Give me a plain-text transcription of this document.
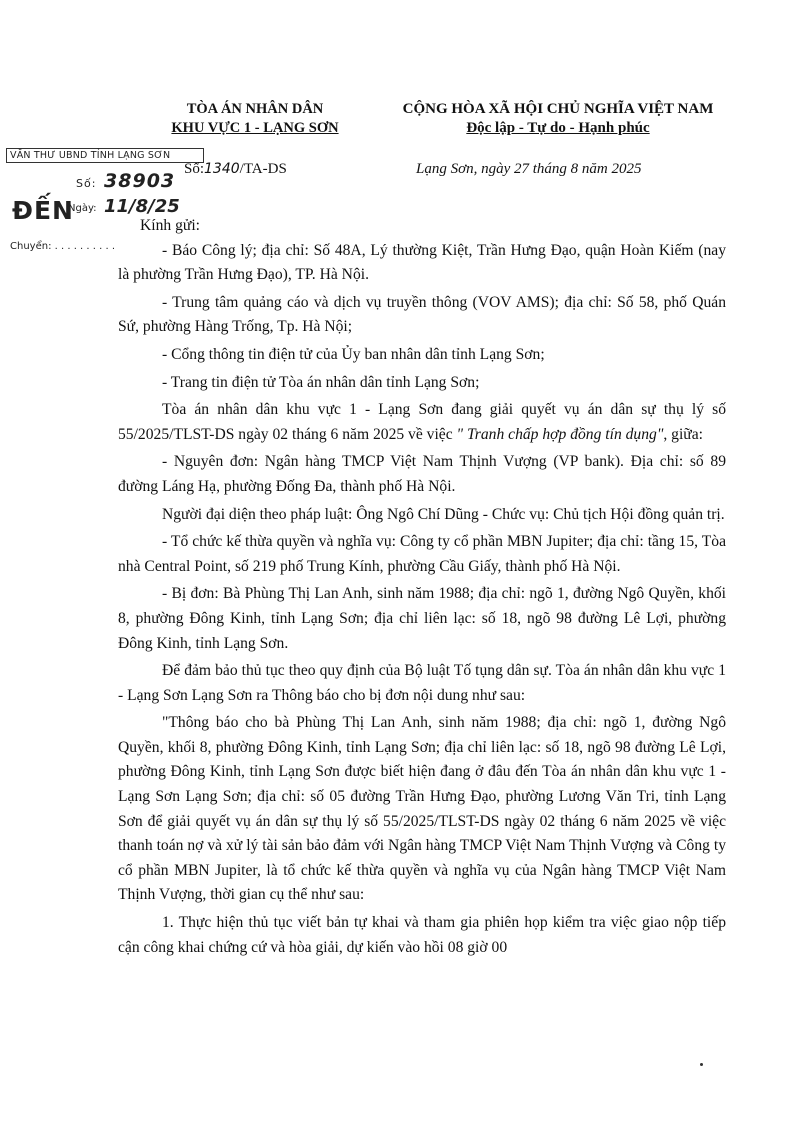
TÒA ÁN NHÂN DÂN
KHU VỰC 1 - LẠNG SƠN
CỘNG HÒA XÃ HỘI CHỦ NGHĨA VIỆT NAM
Độc lập - Tự do - Hạnh phúc
VĂN THƯ UBND TỈNH LẠNG SƠN
Số: 38903
ĐẾN
Ngày: 11/8/25
Chuyển: . . . . . . . . . .
Số:1340/TA-DS	Lạng Sơn, ngày 27 tháng 8 năm 2025

Kính gửi:

- Báo Công lý; địa chỉ: Số 48A, Lý thường Kiệt, Trần Hưng Đạo, quận Hoàn Kiếm (nay là phường Trần Hưng Đạo), TP. Hà Nội.

- Trung tâm quảng cáo và dịch vụ truyền thông (VOV AMS); địa chỉ: Số 58, phố Quán Sứ, phường Hàng Trống, Tp. Hà Nội;

- Cổng thông tin điện tử của Ủy ban nhân dân tỉnh Lạng Sơn;

- Trang tin điện tử Tòa án nhân dân tỉnh Lạng Sơn;

Tòa án nhân dân khu vực 1 - Lạng Sơn đang giải quyết vụ án dân sự thụ lý số 55/2025/TLST-DS ngày 02 tháng 6 năm 2025 về việc " Tranh chấp hợp đồng tín dụng", giữa:

- Nguyên đơn: Ngân hàng TMCP Việt Nam Thịnh Vượng (VP bank). Địa chỉ: số 89 đường Láng Hạ, phường Đống Đa, thành phố Hà Nội.

Người đại diện theo pháp luật: Ông Ngô Chí Dũng - Chức vụ: Chủ tịch Hội đồng quản trị.

- Tổ chức kế thừa quyền và nghĩa vụ: Công ty cổ phần MBN Jupiter; địa chỉ: tầng 15, Tòa nhà Central Point, số 219 phố Trung Kính, phường Cầu Giấy, thành phố Hà Nội.

- Bị đơn: Bà Phùng Thị Lan Anh, sinh năm 1988; địa chỉ: ngõ 1, đường Ngô Quyền, khối 8, phường Đông Kinh, tỉnh Lạng Sơn; địa chỉ liên lạc: số 18, ngõ 98 đường Lê Lợi, phường Đông Kinh, tỉnh Lạng Sơn.

Để đảm bảo thủ tục theo quy định của Bộ luật Tố tụng dân sự. Tòa án nhân dân khu vực 1 - Lạng Sơn Lạng Sơn ra Thông báo cho bị đơn nội dung như sau:

"Thông báo cho bà Phùng Thị Lan Anh, sinh năm 1988; địa chỉ: ngõ 1, đường Ngô Quyền, khối 8, phường Đông Kinh, tỉnh Lạng Sơn; địa chỉ liên lạc: số 18, ngõ 98 đường Lê Lợi, phường Đông Kinh, tỉnh Lạng Sơn được biết hiện đang ở đâu đến Tòa án nhân dân khu vực 1 - Lạng Sơn Lạng Sơn; địa chỉ: số 05 đường Trần Hưng Đạo, phường Lương Văn Tri, tỉnh Lạng Sơn để giải quyết vụ án dân sự thụ lý số 55/2025/TLST-DS ngày 02 tháng 6 năm 2025 về việc thanh toán nợ và xử lý tài sản bảo đảm với Ngân hàng TMCP Việt Nam Thịnh Vượng và Công ty cổ phần MBN Jupiter, là tổ chức kế thừa quyền và nghĩa vụ của Ngân hàng TMCP Việt Nam Thịnh Vượng, thời gian cụ thể như sau:

1. Thực hiện thủ tục viết bản tự khai và tham gia phiên họp kiểm tra việc giao nộp tiếp cận công khai chứng cứ và hòa giải, dự kiến vào hồi 08 giờ 00
